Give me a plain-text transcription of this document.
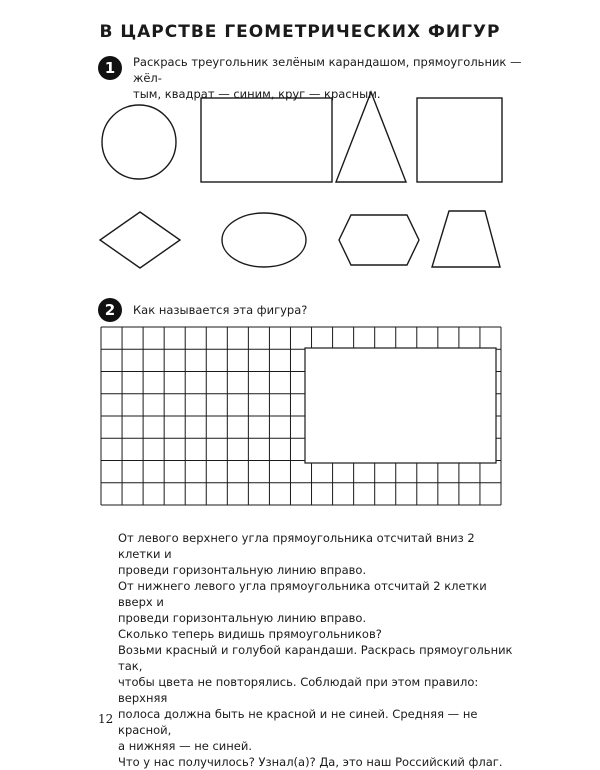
В ЦАРСТВЕ ГЕОМЕТРИЧЕСКИХ ФИГУР
1	Раскрась треугольник зелёным карандашом, прямоугольник — жёл-
тым, квадрат — синим, круг — красным.

2	Как называется эта фигура?

От левого верхнего угла прямоугольника отсчитай вниз 2 клетки и

проведи горизонтальную линию вправо.

От нижнего левого угла прямоугольника отсчитай 2 клетки вверх и

проведи горизонтальную линию вправо.

Сколько теперь видишь прямоугольников?

Возьми красный и голубой карандаши. Раскрась прямоугольник так,

чтобы цвета не повторялись. Соблюдай при этом правило: верхняя

полоса должна быть не красной и не синей. Средняя — не красной,

а нижняя — не синей.

Что у нас получилось? Узнал(а)? Да, это наш Российский флаг.

12
